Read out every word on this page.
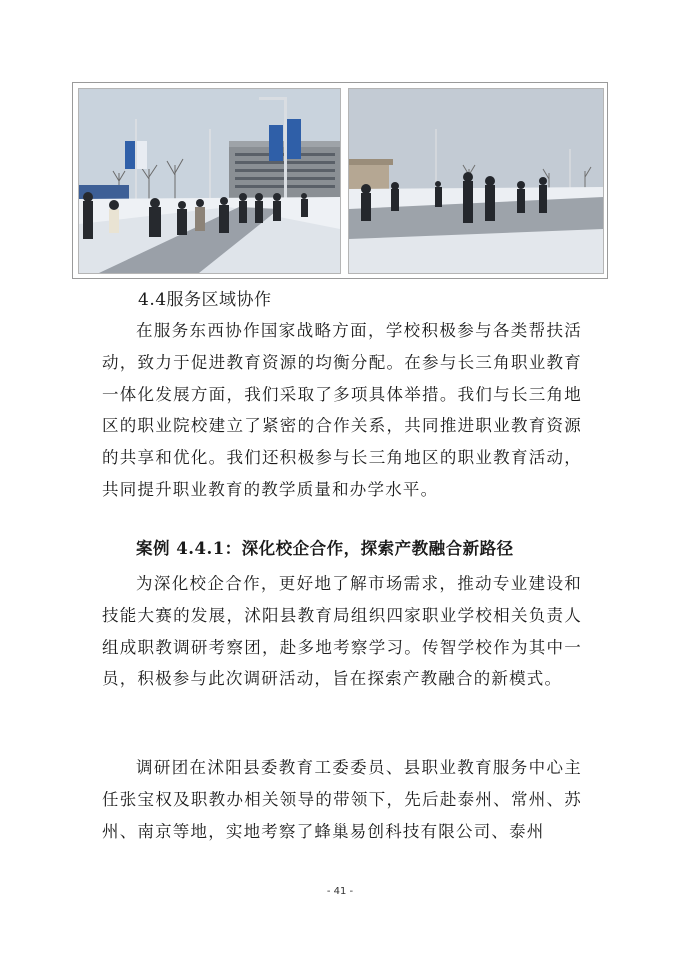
4.4服务区域协作

在服务东西协作国家战略方面，学校积极参与各类帮扶活动，致力于促进教育资源的均衡分配。在参与长三角职业教育一体化发展方面，我们采取了多项具体举措。我们与长三角地区的职业院校建立了紧密的合作关系，共同推进职业教育资源的共享和优化。我们还积极参与长三角地区的职业教育活动，共同提升职业教育的教学质量和办学水平。

案例 4.4.1：深化校企合作，探索产教融合新路径

为深化校企合作，更好地了解市场需求，推动专业建设和技能大赛的发展，沭阳县教育局组织四家职业学校相关负责人组成职教调研考察团，赴多地考察学习。传智学校作为其中一员，积极参与此次调研活动，旨在探索产教融合的新模式。

调研团在沭阳县委教育工委委员、县职业教育服务中心主任张宝权及职教办相关领导的带领下，先后赴泰州、常州、苏州、南京等地，实地考察了蜂巢易创科技有限公司、泰州

- 41 -
